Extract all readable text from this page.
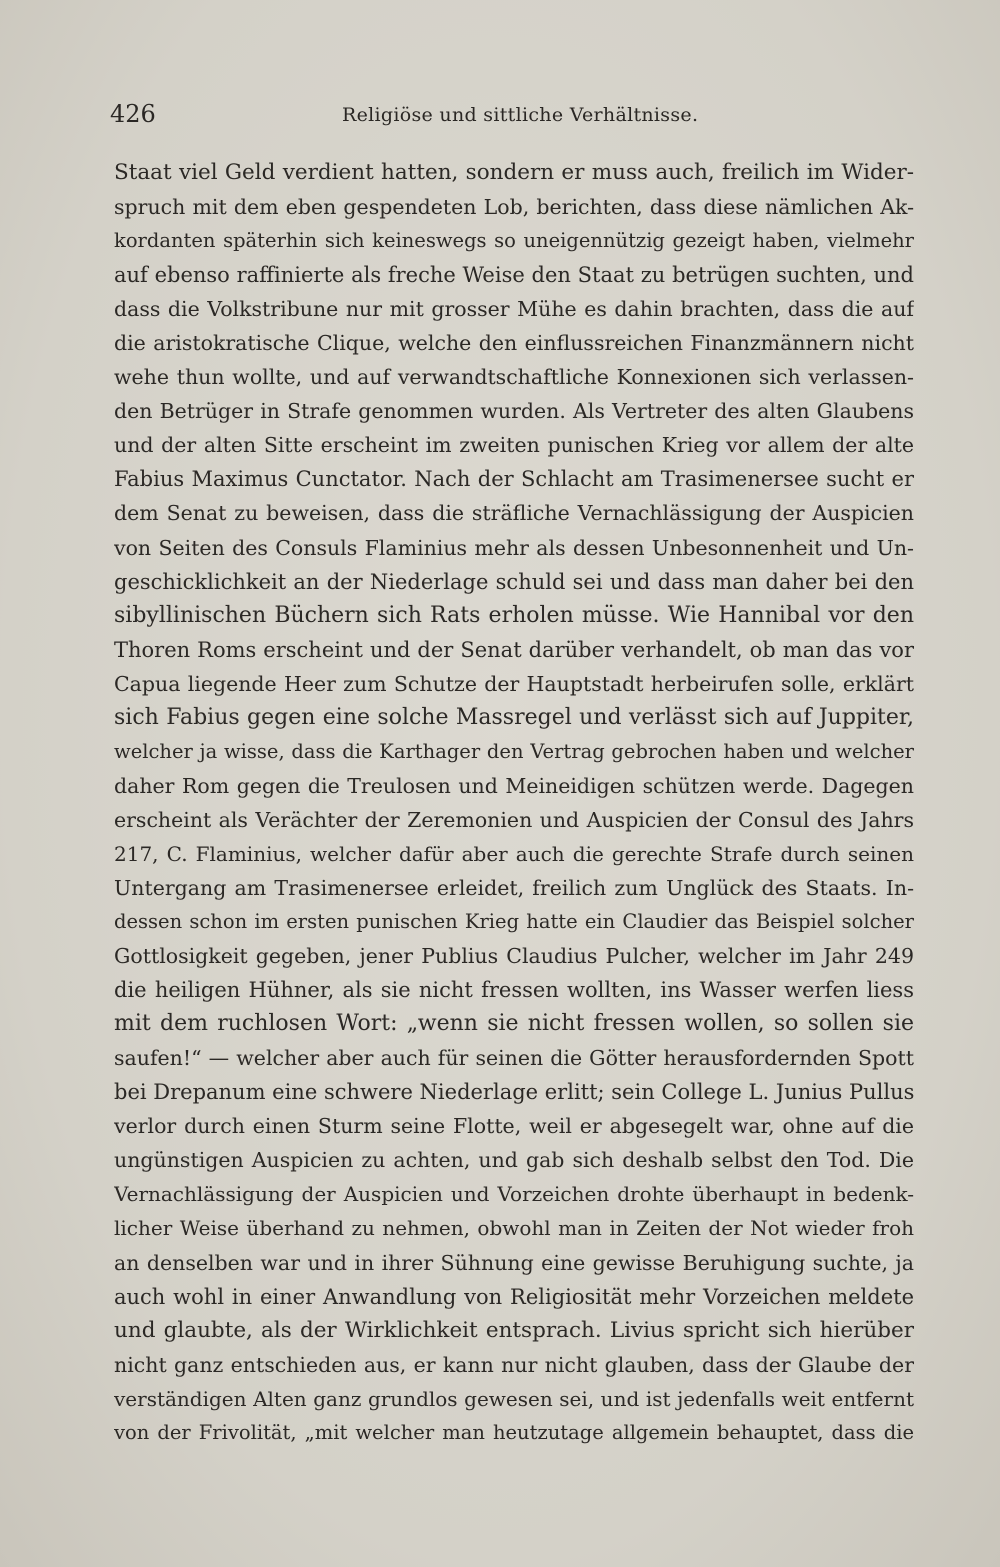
426	Religiöse und sittliche Verhältnisse.
Staat viel Geld verdient hatten, sondern er muss auch, freilich im Wider-
spruch mit dem eben gespendeten Lob, berichten, dass diese nämlichen Ak-
kordanten späterhin sich keineswegs so uneigennützig gezeigt haben, vielmehr
auf ebenso raffinierte als freche Weise den Staat zu betrügen suchten, und
dass die Volkstribune nur mit grosser Mühe es dahin brachten, dass die auf
die aristokratische Clique, welche den einflussreichen Finanzmännern nicht
wehe thun wollte, und auf verwandtschaftliche Konnexionen sich verlassen-
den Betrüger in Strafe genommen wurden. Als Vertreter des alten Glaubens
und der alten Sitte erscheint im zweiten punischen Krieg vor allem der alte
Fabius Maximus Cunctator. Nach der Schlacht am Trasimenersee sucht er
dem Senat zu beweisen, dass die sträfliche Vernachlässigung der Auspicien
von Seiten des Consuls Flaminius mehr als dessen Unbesonnenheit und Un-
geschicklichkeit an der Niederlage schuld sei und dass man daher bei den
sibyllinischen Büchern sich Rats erholen müsse. Wie Hannibal vor den
Thoren Roms erscheint und der Senat darüber verhandelt, ob man das vor
Capua liegende Heer zum Schutze der Hauptstadt herbeirufen solle, erklärt
sich Fabius gegen eine solche Massregel und verlässt sich auf Juppiter,
welcher ja wisse, dass die Karthager den Vertrag gebrochen haben und welcher
daher Rom gegen die Treulosen und Meineidigen schützen werde. Dagegen
erscheint als Verächter der Zeremonien und Auspicien der Consul des Jahrs
217, C. Flaminius, welcher dafür aber auch die gerechte Strafe durch seinen
Untergang am Trasimenersee erleidet, freilich zum Unglück des Staats. In-
dessen schon im ersten punischen Krieg hatte ein Claudier das Beispiel solcher
Gottlosigkeit gegeben, jener Publius Claudius Pulcher, welcher im Jahr 249
die heiligen Hühner, als sie nicht fressen wollten, ins Wasser werfen liess
mit dem ruchlosen Wort: „wenn sie nicht fressen wollen, so sollen sie
saufen!“ — welcher aber auch für seinen die Götter herausfordernden Spott
bei Drepanum eine schwere Niederlage erlitt; sein College L. Junius Pullus
verlor durch einen Sturm seine Flotte, weil er abgesegelt war, ohne auf die
ungünstigen Auspicien zu achten, und gab sich deshalb selbst den Tod. Die
Vernachlässigung der Auspicien und Vorzeichen drohte überhaupt in bedenk-
licher Weise überhand zu nehmen, obwohl man in Zeiten der Not wieder froh
an denselben war und in ihrer Sühnung eine gewisse Beruhigung suchte, ja
auch wohl in einer Anwandlung von Religiosität mehr Vorzeichen meldete
und glaubte, als der Wirklichkeit entsprach. Livius spricht sich hierüber
nicht ganz entschieden aus, er kann nur nicht glauben, dass der Glaube der
verständigen Alten ganz grundlos gewesen sei, und ist jedenfalls weit entfernt
von der Frivolität, „mit welcher man heutzutage allgemein behauptet, dass die
